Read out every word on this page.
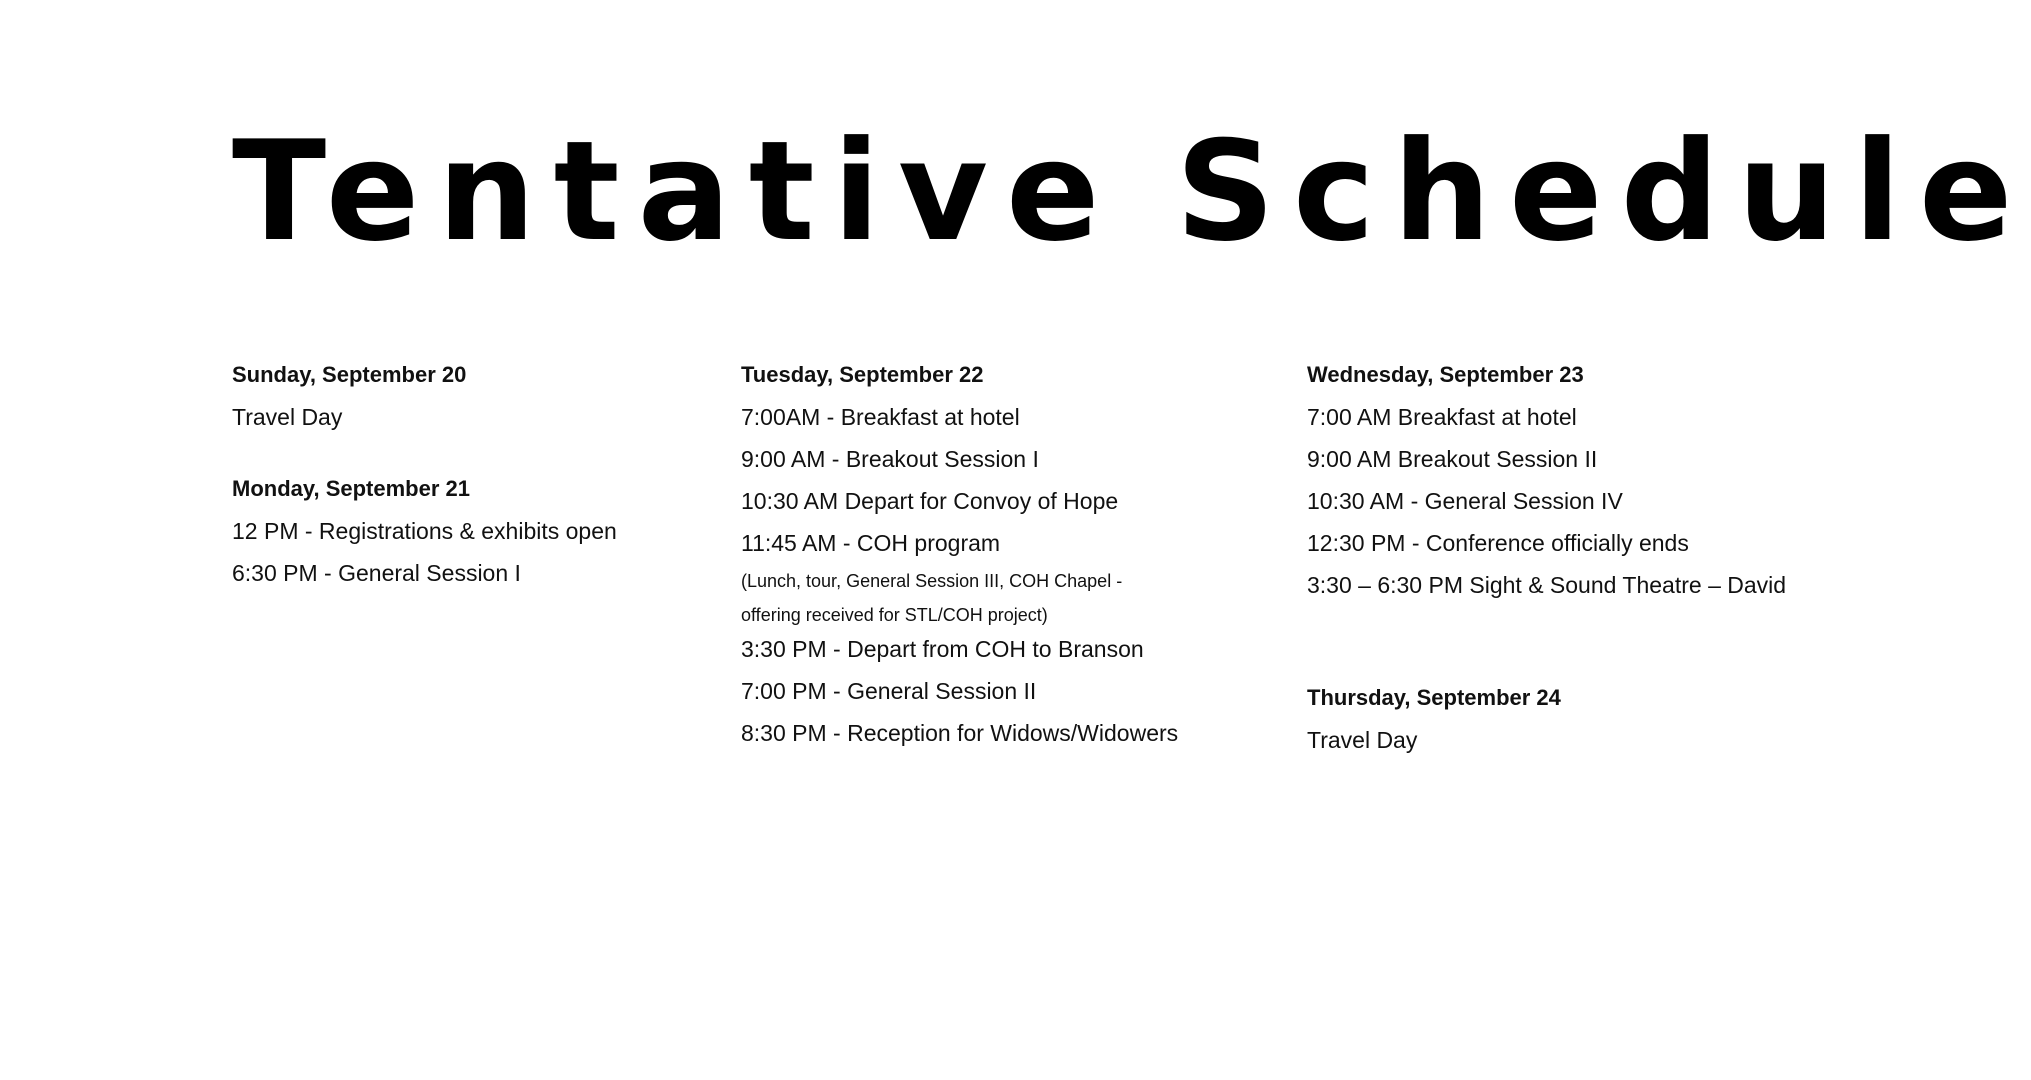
Tentative Schedule
Sunday, September 20
Travel Day
Monday, September 21
12 PM - Registrations & exhibits open
6:30 PM - General Session I
Tuesday, September 22
7:00AM - Breakfast at hotel
9:00 AM - Breakout Session I
10:30 AM Depart for Convoy of Hope
11:45 AM - COH program
(Lunch, tour, General Session III, COH Chapel - offering received for STL/COH project)
3:30 PM - Depart from COH to Branson
7:00 PM - General Session II
8:30 PM - Reception for Widows/Widowers
Wednesday, September 23
7:00 AM Breakfast at hotel
9:00 AM Breakout Session II
10:30 AM - General Session IV
12:30 PM - Conference officially ends
3:30 – 6:30 PM Sight & Sound Theatre – David
Thursday, September 24
Travel Day
